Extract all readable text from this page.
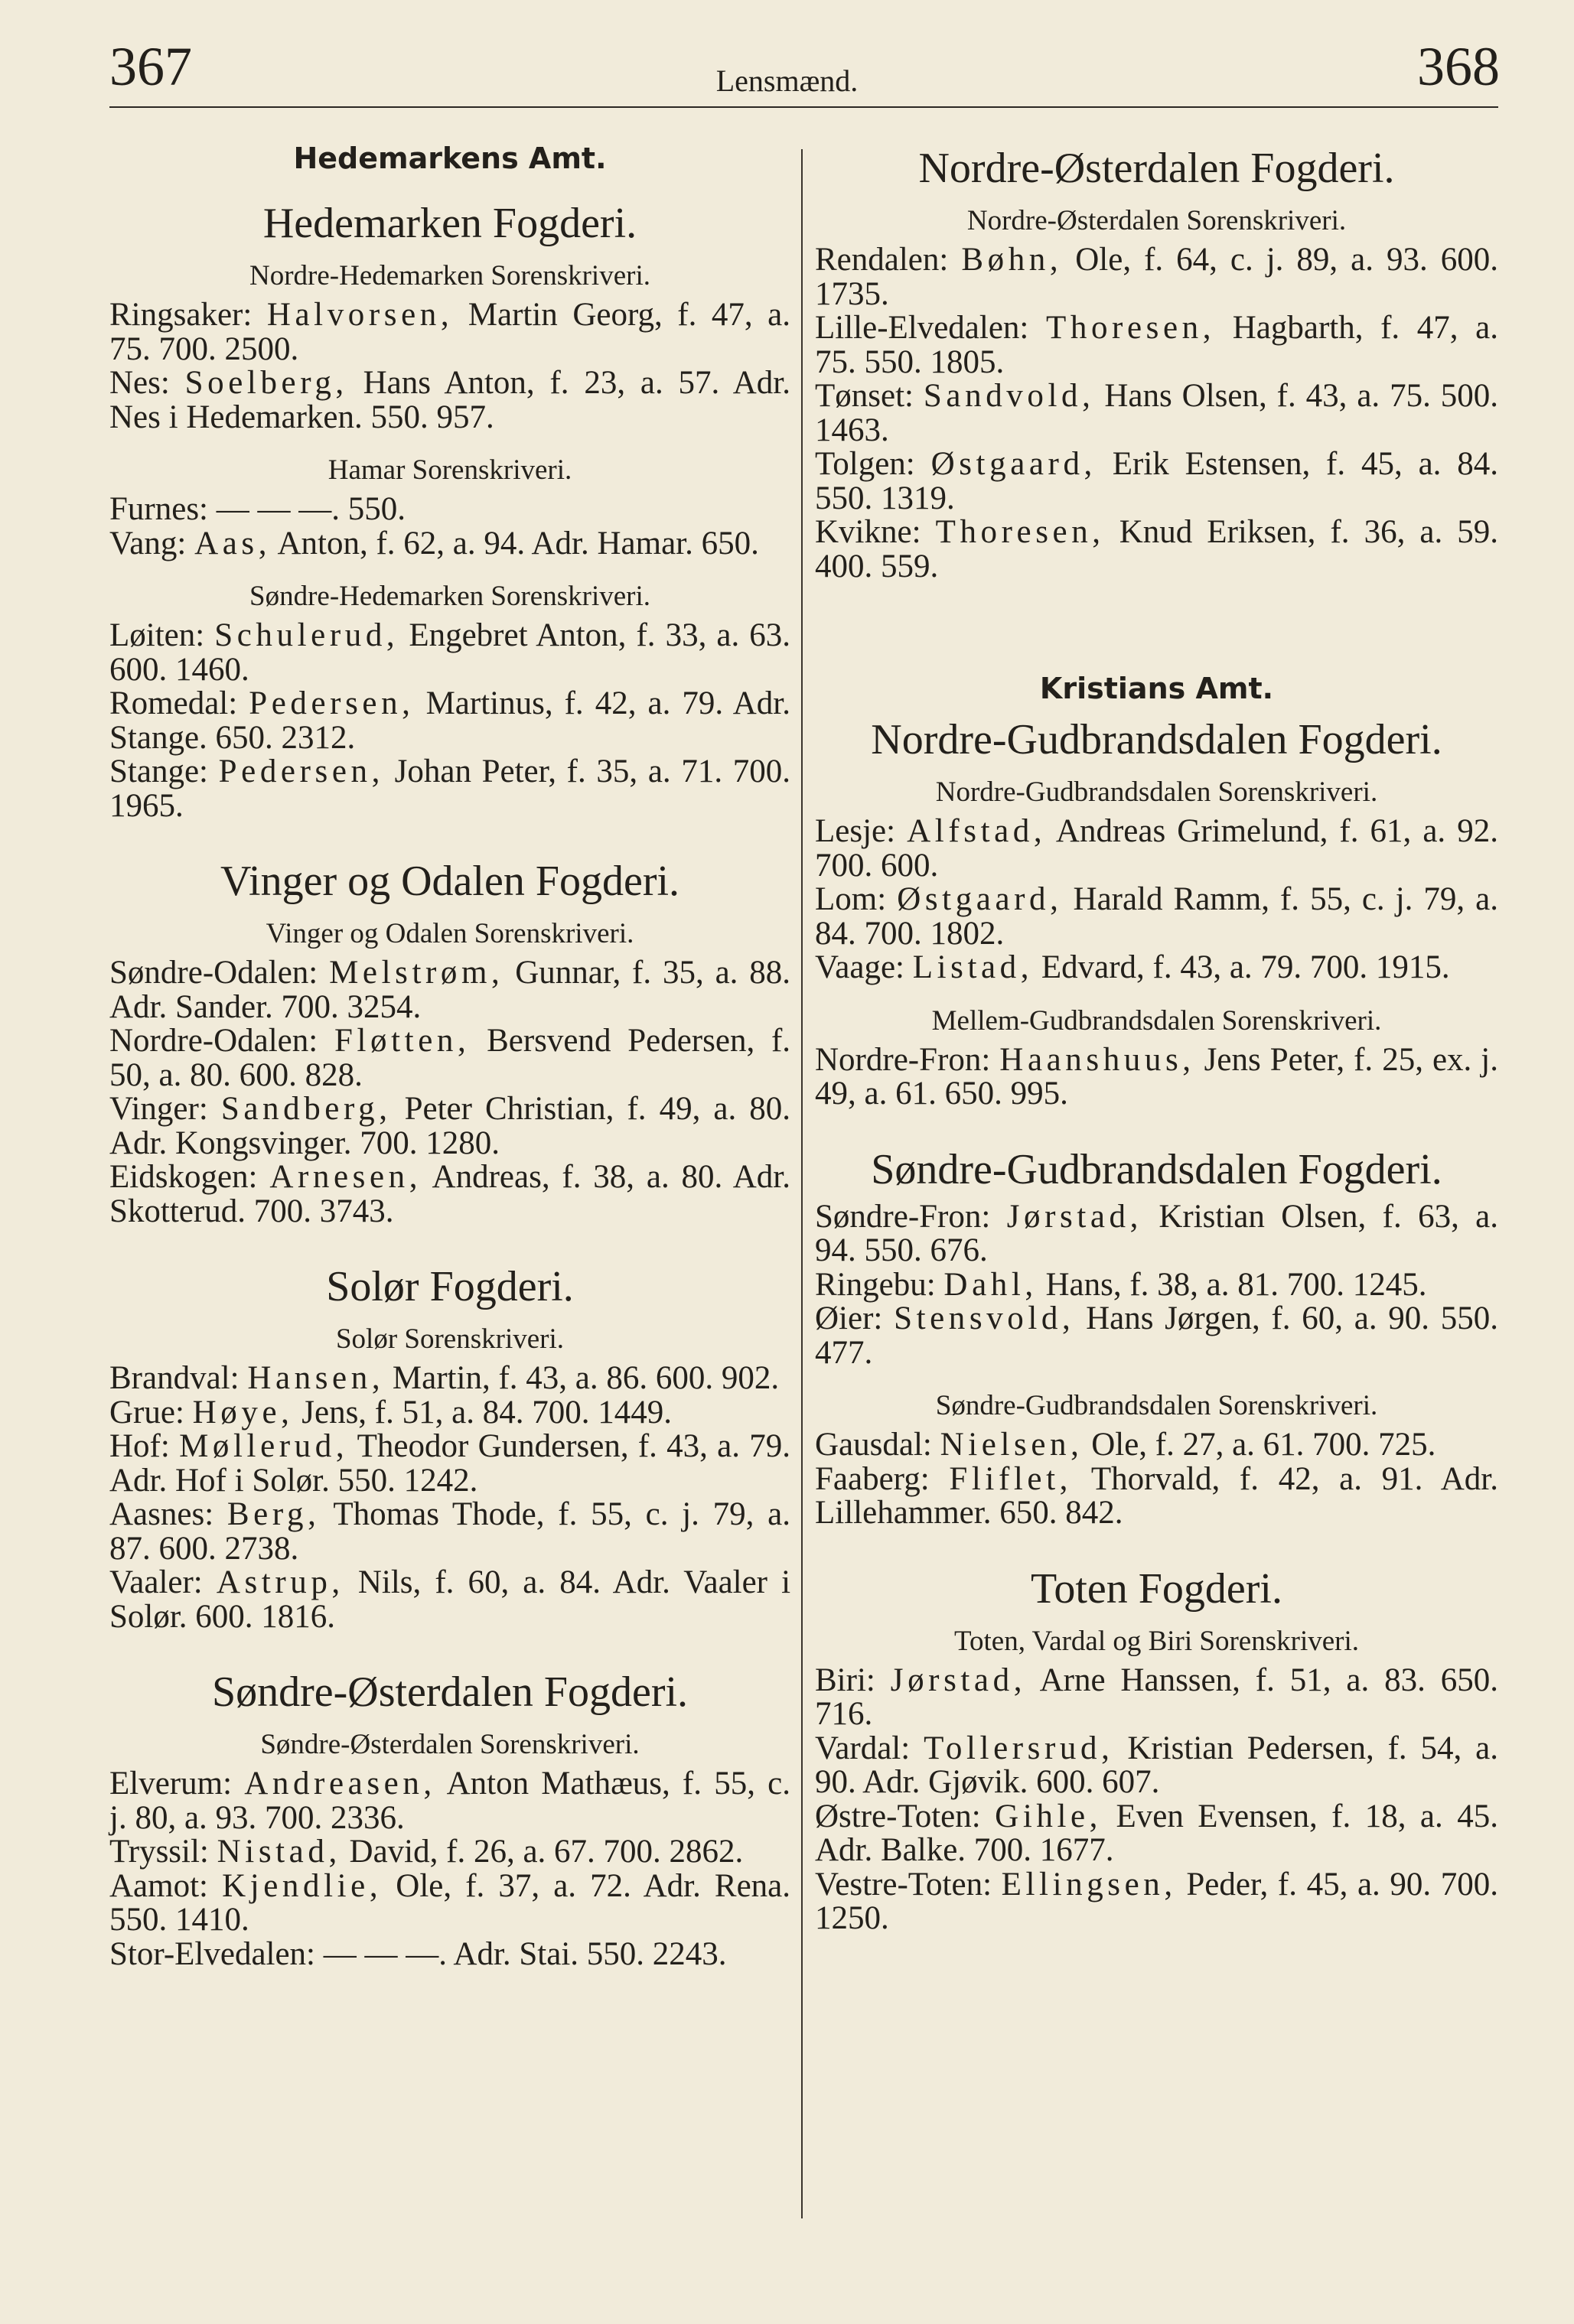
367	Lensmænd.	368
Hedemarkens Amt.
Hedemarken Fogderi.
Nordre-Hedemarken Sorenskriveri.
Ringsaker: Halvorsen, Martin Georg, f. 47, a. 75. 700. 2500.
Nes: Soelberg, Hans Anton, f. 23, a. 57. Adr. Nes i Hedemarken. 550. 957.
Hamar Sorenskriveri.
Furnes: — — —. 550.
Vang: Aas, Anton, f. 62, a. 94. Adr. Hamar. 650.
Søndre-Hedemarken Sorenskriveri.
Løiten: Schulerud, Engebret Anton, f. 33, a. 63. 600. 1460.
Romedal: Pedersen, Martinus, f. 42, a. 79. Adr. Stange. 650. 2312.
Stange: Pedersen, Johan Peter, f. 35, a. 71. 700. 1965.
Vinger og Odalen Fogderi.
Vinger og Odalen Sorenskriveri.
Søndre-Odalen: Melstrøm, Gunnar, f. 35, a. 88. Adr. Sander. 700. 3254.
Nordre-Odalen: Fløtten, Bersvend Pedersen, f. 50, a. 80. 600. 828.
Vinger: Sandberg, Peter Christian, f. 49, a. 80. Adr. Kongsvinger. 700. 1280.
Eidskogen: Arnesen, Andreas, f. 38, a. 80. Adr. Skotterud. 700. 3743.
Solør Fogderi.
Solør Sorenskriveri.
Brandval: Hansen, Martin, f. 43, a. 86. 600. 902.
Grue: Høye, Jens, f. 51, a. 84. 700. 1449.
Hof: Møllerud, Theodor Gundersen, f. 43, a. 79. Adr. Hof i Solør. 550. 1242.
Aasnes: Berg, Thomas Thode, f. 55, c. j. 79, a. 87. 600. 2738.
Vaaler: Astrup, Nils, f. 60, a. 84. Adr. Vaaler i Solør. 600. 1816.
Søndre-Østerdalen Fogderi.
Søndre-Østerdalen Sorenskriveri.
Elverum: Andreasen, Anton Mathæus, f. 55, c. j. 80, a. 93. 700. 2336.
Tryssil: Nistad, David, f. 26, a. 67. 700. 2862.
Aamot: Kjendlie, Ole, f. 37, a. 72. Adr. Rena. 550. 1410.
Stor-Elvedalen: — — —. Adr. Stai. 550. 2243.
Nordre-Østerdalen Fogderi.
Nordre-Østerdalen Sorenskriveri.
Rendalen: Bøhn, Ole, f. 64, c. j. 89, a. 93. 600. 1735.
Lille-Elvedalen: Thoresen, Hagbarth, f. 47, a. 75. 550. 1805.
Tønset: Sandvold, Hans Olsen, f. 43, a. 75. 500. 1463.
Tolgen: Østgaard, Erik Estensen, f. 45, a. 84. 550. 1319.
Kvikne: Thoresen, Knud Eriksen, f. 36, a. 59. 400. 559.
Kristians Amt.
Nordre-Gudbrandsdalen Fogderi.
Nordre-Gudbrandsdalen Sorenskriveri.
Lesje: Alfstad, Andreas Grimelund, f. 61, a. 92. 700. 600.
Lom: Østgaard, Harald Ramm, f. 55, c. j. 79, a. 84. 700. 1802.
Vaage: Listad, Edvard, f. 43, a. 79. 700. 1915.
Mellem-Gudbrandsdalen Sorenskriveri.
Nordre-Fron: Haanshuus, Jens Peter, f. 25, ex. j. 49, a. 61. 650. 995.
Søndre-Gudbrandsdalen Fogderi.
Søndre-Fron: Jørstad, Kristian Olsen, f. 63, a. 94. 550. 676.
Ringebu: Dahl, Hans, f. 38, a. 81. 700. 1245.
Øier: Stensvold, Hans Jørgen, f. 60, a. 90. 550. 477.
Søndre-Gudbrandsdalen Sorenskriveri.
Gausdal: Nielsen, Ole, f. 27, a. 61. 700. 725.
Faaberg: Fliflet, Thorvald, f. 42, a. 91. Adr. Lillehammer. 650. 842.
Toten Fogderi.
Toten, Vardal og Biri Sorenskriveri.
Biri: Jørstad, Arne Hanssen, f. 51, a. 83. 650. 716.
Vardal: Tollersrud, Kristian Pedersen, f. 54, a. 90. Adr. Gjøvik. 600. 607.
Østre-Toten: Gihle, Even Evensen, f. 18, a. 45. Adr. Balke. 700. 1677.
Vestre-Toten: Ellingsen, Peder, f. 45, a. 90. 700. 1250.
